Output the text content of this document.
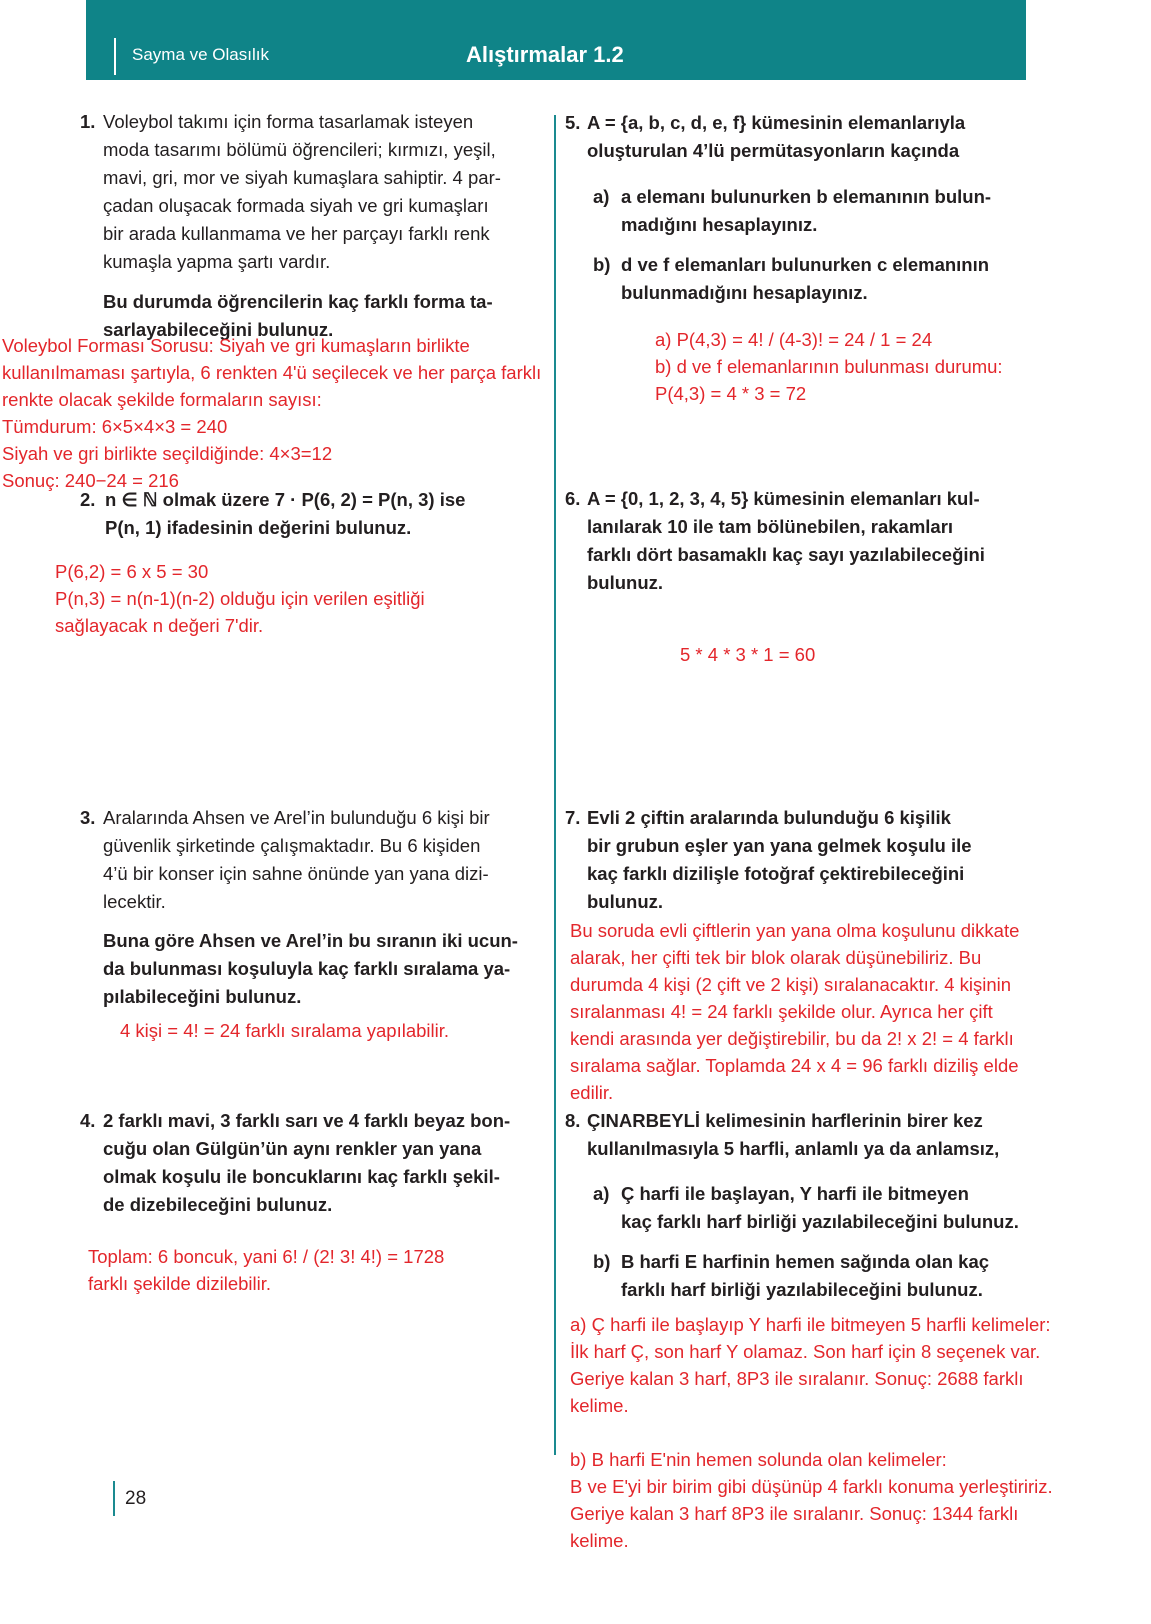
Sayma ve Olasılık	Alıştırmalar 1.2
1. Voleybol takımı için forma tasarlamak isteyen
moda tasarımı bölümü öğrencileri; kırmızı, yeşil,
mavi, gri, mor ve siyah kumaşlara sahiptir. 4 par-
çadan oluşacak formada siyah ve gri kumaşları
bir arada kullanmama ve her parçayı farklı renk
kumaşla yapma şartı vardır.
Bu durumda öğrencilerin kaç farklı forma ta-
sarlayabileceğini bulunuz.
Voleybol Forması Sorusu: Siyah ve gri kumaşların birlikte
kullanılmaması şartıyla, 6 renkten 4'ü seçilecek ve her parça farklı
renkte olacak şekilde formaların sayısı:
Tümdurum: 6×5×4×3 = 240
Siyah ve gri birlikte seçildiğinde: 4×3=12
Sonuç: 240−24 = 216
2. n ∈ ℕ olmak üzere 7 · P(6, 2) = P(n, 3) ise
P(n, 1) ifadesinin değerini bulunuz.
P(6,2) = 6 x 5 = 30
P(n,3) = n(n-1)(n-2) olduğu için verilen eşitliği
sağlayacak n değeri 7'dir.
3. Aralarında Ahsen ve Arel’in bulunduğu 6 kişi bir
güvenlik şirketinde çalışmaktadır. Bu 6 kişiden
4’ü bir konser için sahne önünde yan yana dizi-
lecektir.
Buna göre Ahsen ve Arel’in bu sıranın iki ucun-
da bulunması koşuluyla kaç farklı sıralama ya-
pılabileceğini bulunuz.
4 kişi = 4! = 24 farklı sıralama yapılabilir.
4. 2 farklı mavi, 3 farklı sarı ve 4 farklı beyaz bon-
cuğu olan Gülgün’ün aynı renkler yan yana
olmak koşulu ile boncuklarını kaç farklı şekil-
de dizebileceğini bulunuz.
Toplam: 6 boncuk, yani 6! / (2! 3! 4!) = 1728
farklı şekilde dizilebilir.
28
5. A = {a, b, c, d, e, f} kümesinin elemanlarıyla
oluşturulan 4’lü permütasyonların kaçında
a) a elemanı bulunurken b elemanının bulun-
madığını hesaplayınız.
b) d ve f elemanları bulunurken c elemanının
bulunmadığını hesaplayınız.
a) P(4,3) = 4! / (4-3)! = 24 / 1 = 24
b) d ve f elemanlarının bulunması durumu:
P(4,3) = 4 * 3 = 72
6. A = {0, 1, 2, 3, 4, 5} kümesinin elemanları kul-
lanılarak 10 ile tam bölünebilen, rakamları
farklı dört basamaklı kaç sayı yazılabileceğini
bulunuz.
5 * 4 * 3 * 1 = 60
7. Evli 2 çiftin aralarında bulunduğu 6 kişilik
bir grubun eşler yan yana gelmek koşulu ile
kaç farklı dizilişle fotoğraf çektirebileceğini
bulunuz.
Bu soruda evli çiftlerin yan yana olma koşulunu dikkate
alarak, her çifti tek bir blok olarak düşünebiliriz. Bu
durumda 4 kişi (2 çift ve 2 kişi) sıralanacaktır. 4 kişinin
sıralanması 4! = 24 farklı şekilde olur. Ayrıca her çift
kendi arasında yer değiştirebilir, bu da 2! x 2! = 4 farklı
sıralama sağlar. Toplamda 24 x 4 = 96 farklı diziliş elde
edilir.
8. ÇINARBEYLİ kelimesinin harflerinin birer kez
kullanılmasıyla 5 harfli, anlamlı ya da anlamsız,
a) Ç harfi ile başlayan, Y harfi ile bitmeyen
kaç farklı harf birliği yazılabileceğini bulunuz.
b) B harfi E harfinin hemen sağında olan kaç
farklı harf birliği yazılabileceğini bulunuz.
a) Ç harfi ile başlayıp Y harfi ile bitmeyen 5 harfli kelimeler:
İlk harf Ç, son harf Y olamaz. Son harf için 8 seçenek var.
Geriye kalan 3 harf, 8P3 ile sıralanır. Sonuç: 2688 farklı
kelime.
b) B harfi E'nin hemen solunda olan kelimeler:
B ve E'yi bir birim gibi düşünüp 4 farklı konuma yerleştiririz.
Geriye kalan 3 harf 8P3 ile sıralanır. Sonuç: 1344 farklı
kelime.
